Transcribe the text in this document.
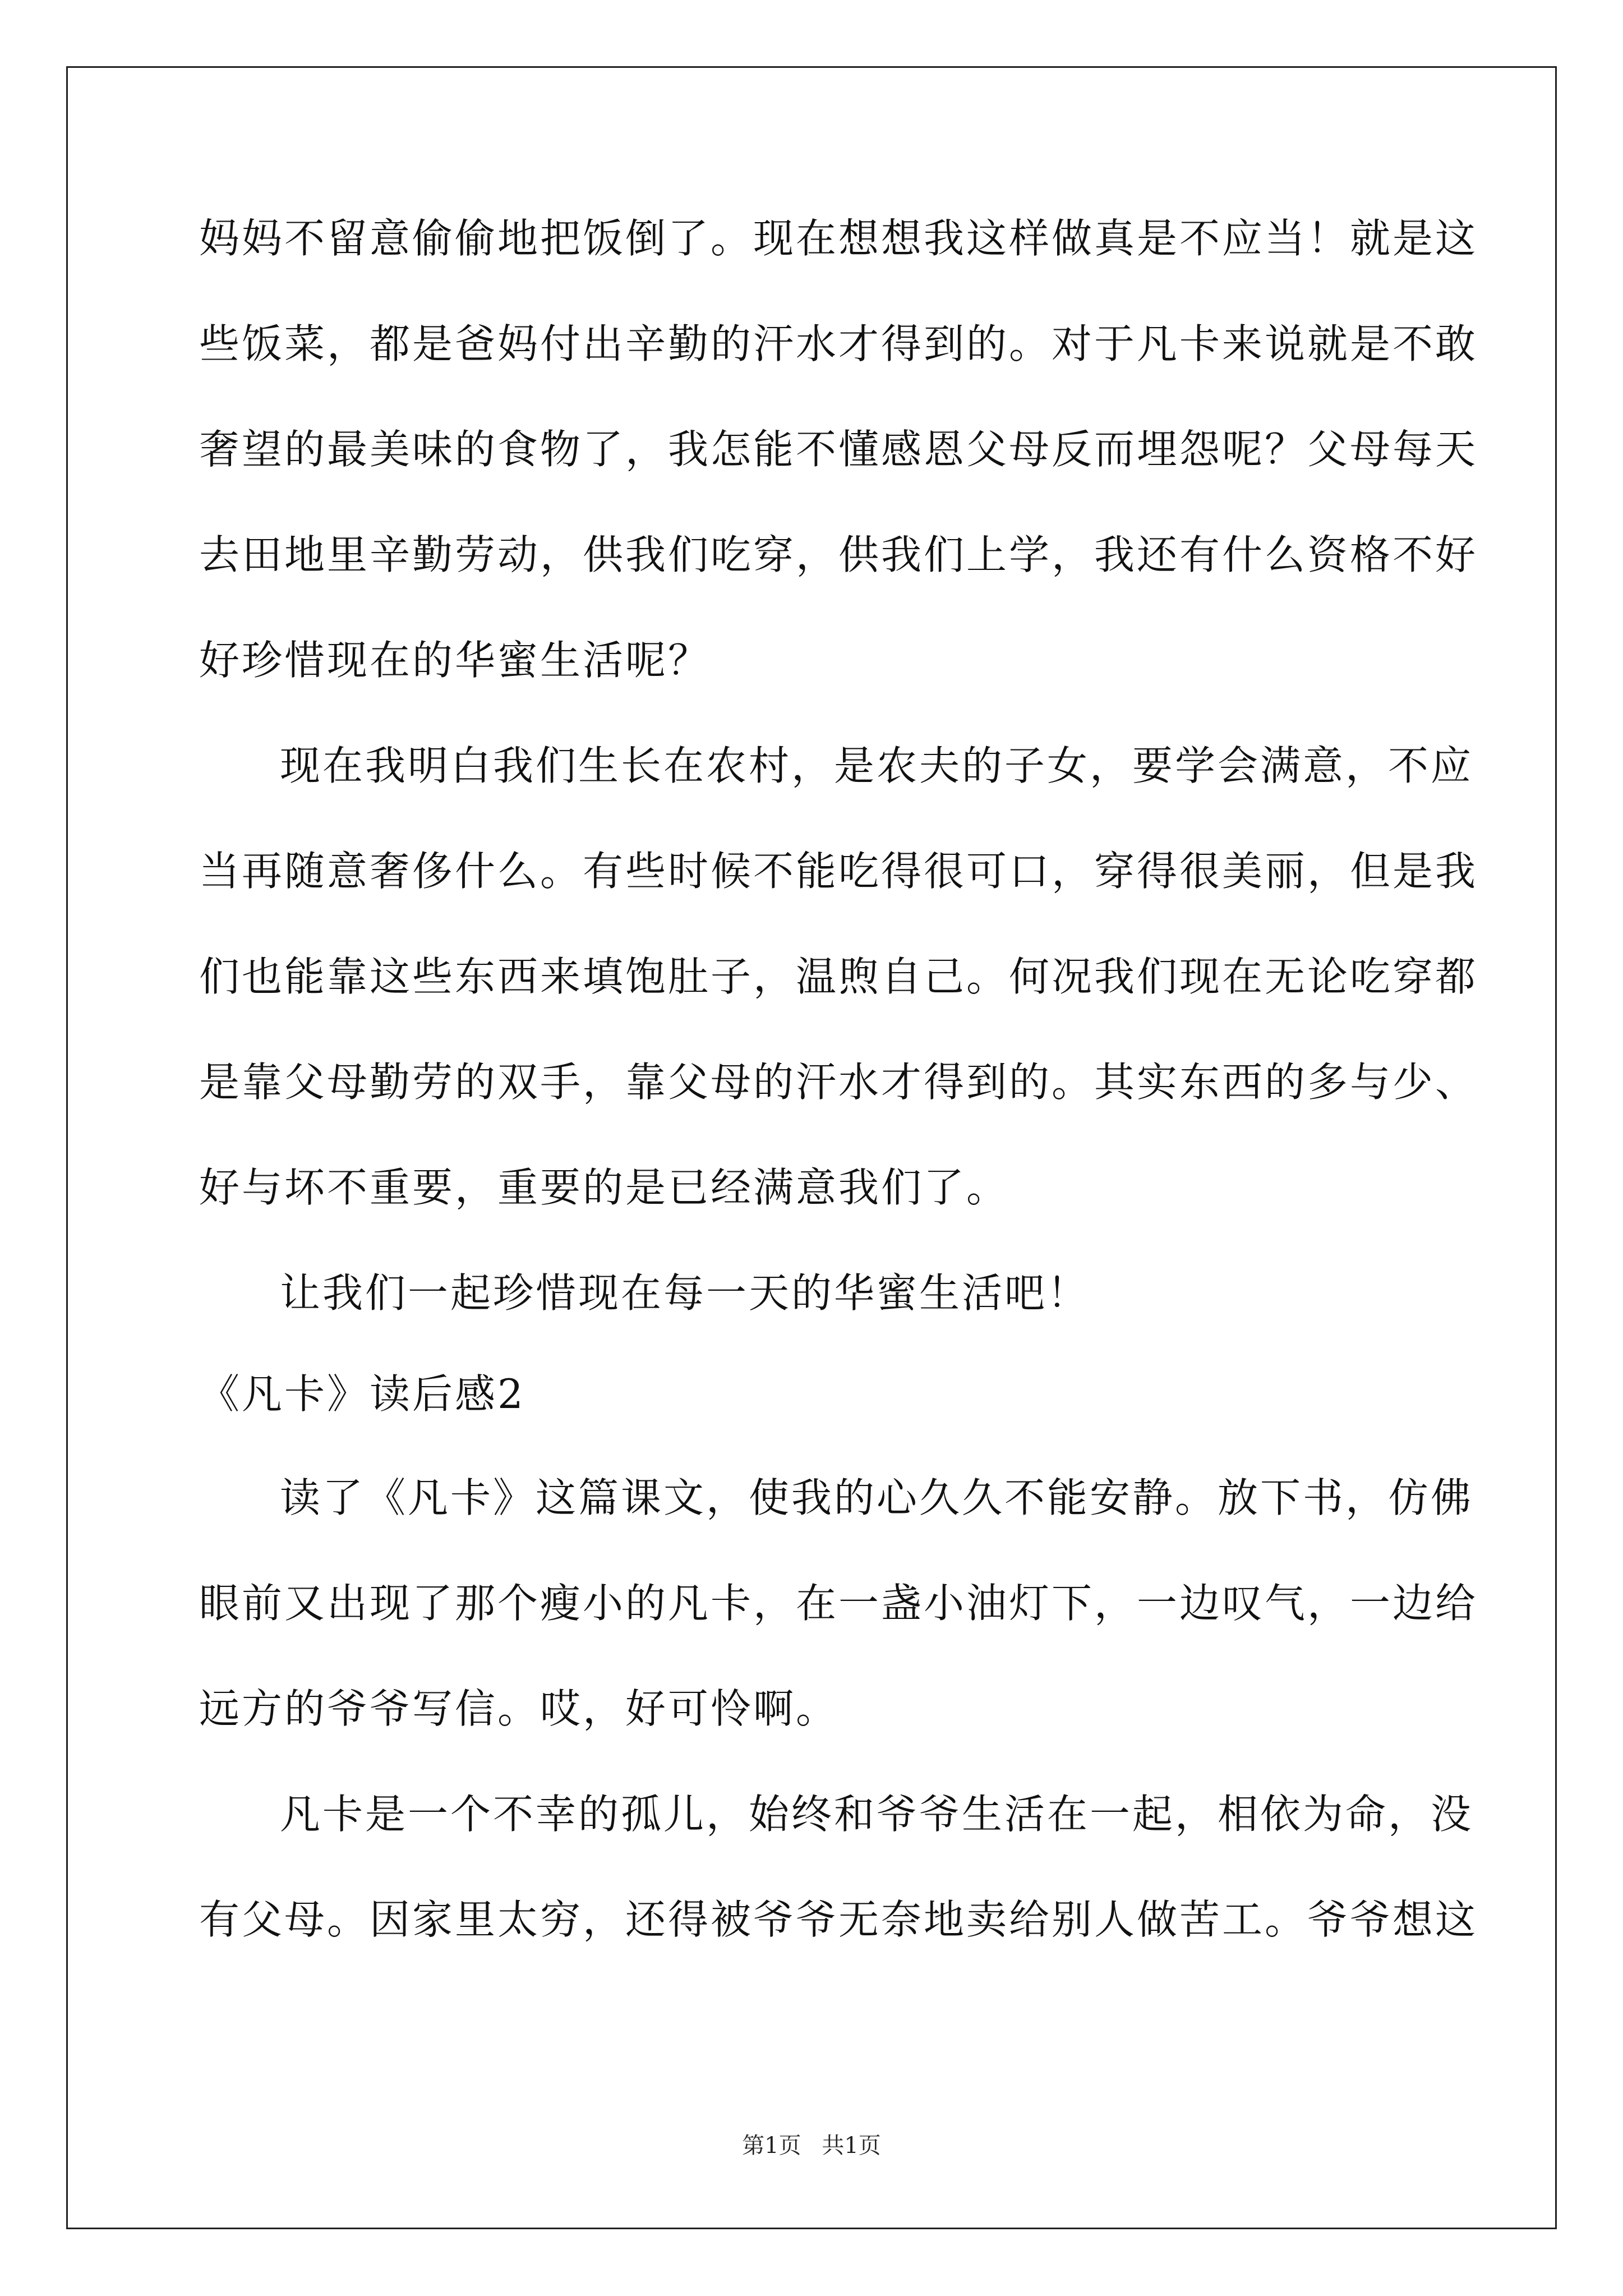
妈妈不留意偷偷地把饭倒了。现在想想我这样做真是不应当！就是这
些饭菜，都是爸妈付出辛勤的汗水才得到的。对于凡卡来说就是不敢
奢望的最美味的食物了，我怎能不懂感恩父母反而埋怨呢？父母每天
去田地里辛勤劳动，供我们吃穿，供我们上学，我还有什么资格不好
好珍惜现在的华蜜生活呢？
现在我明白我们生长在农村，是农夫的子女，要学会满意，不应
当再随意奢侈什么。有些时候不能吃得很可口，穿得很美丽，但是我
们也能靠这些东西来填饱肚子，温煦自己。何况我们现在无论吃穿都
是靠父母勤劳的双手，靠父母的汗水才得到的。其实东西的多与少、
好与坏不重要，重要的是已经满意我们了。
让我们一起珍惜现在每一天的华蜜生活吧！
《凡卡》读后感2
读了《凡卡》这篇课文，使我的心久久不能安静。放下书，仿佛
眼前又出现了那个瘦小的凡卡，在一盏小油灯下，一边叹气，一边给
远方的爷爷写信。哎，好可怜啊。
凡卡是一个不幸的孤儿，始终和爷爷生活在一起，相依为命，没
有父母。因家里太穷，还得被爷爷无奈地卖给别人做苦工。爷爷想这
第1页 共1页
